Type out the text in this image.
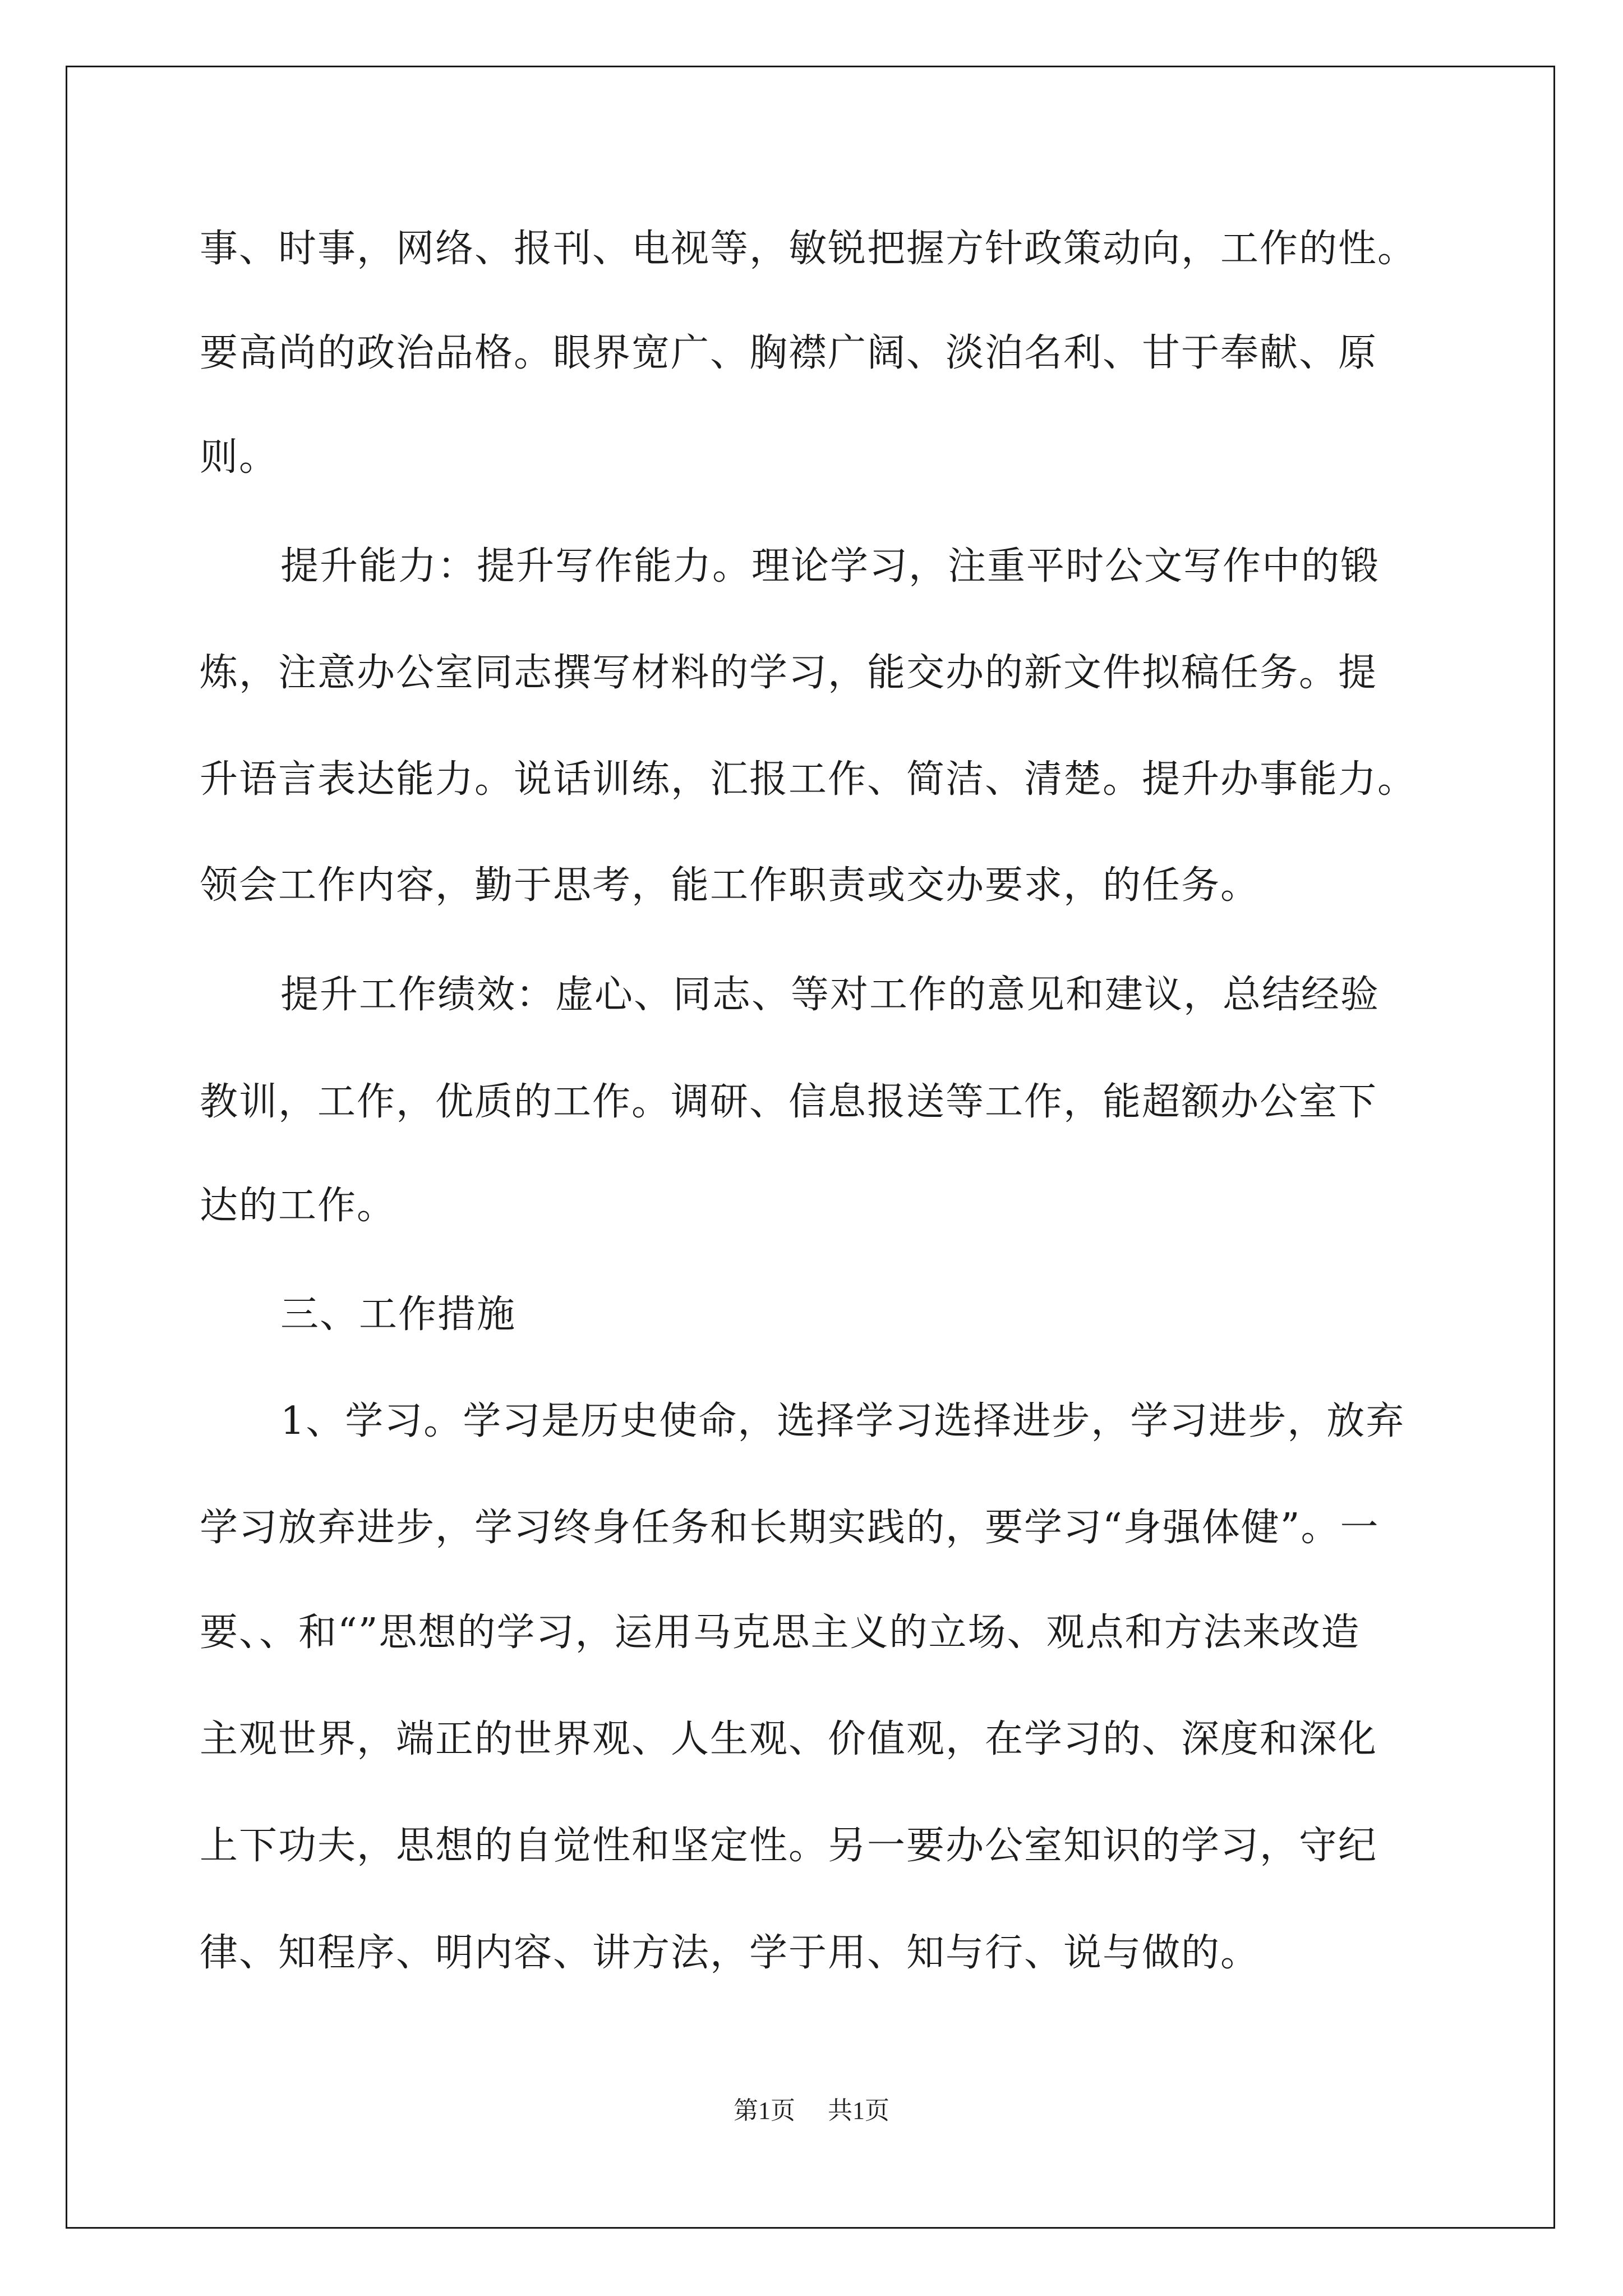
事、时事，网络、报刊、电视等，敏锐把握方针政策动向，工作的性。
要高尚的政治品格。眼界宽广、胸襟广阔、淡泊名利、甘于奉献、原
则。
提升能力：提升写作能力。理论学习，注重平时公文写作中的锻
炼，注意办公室同志撰写材料的学习，能交办的新文件拟稿任务。提
升语言表达能力。说话训练，汇报工作、简洁、清楚。提升办事能力。
领会工作内容，勤于思考，能工作职责或交办要求，的任务。
提升工作绩效：虚心、同志、等对工作的意见和建议，总结经验
教训，工作，优质的工作。调研、信息报送等工作，能超额办公室下
达的工作。
三、工作措施
1、学习。学习是历史使命，选择学习选择进步，学习进步，放弃
学习放弃进步，学习终身任务和长期实践的，要学习“身强体健”。一
要、、和“”思想的学习，运用马克思主义的立场、观点和方法来改造
主观世界，端正的世界观、人生观、价值观，在学习的、深度和深化
上下功夫，思想的自觉性和坚定性。另一要办公室知识的学习，守纪
律、知程序、明内容、讲方法，学于用、知与行、说与做的。
第1页 共1页
